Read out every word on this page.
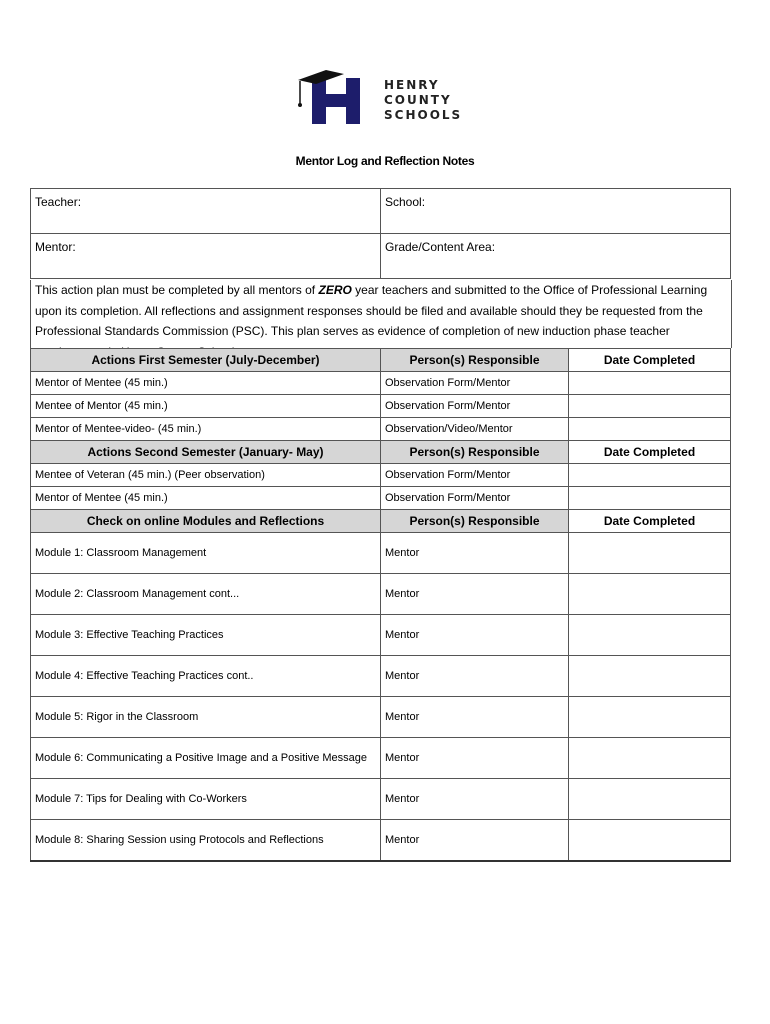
HENRY
COUNTY
SCHOOLS
Mentor Log and Reflection Notes
Teacher:	School:
Mentor:	Grade/Content Area:
This action plan must be completed by all mentors of ZERO year teachers and submitted to the Office of Professional Learning upon its completion. All reflections and assignment responses should be filed and available should they be requested from the Professional Standards Commission (PSC). This plan serves as evidence of completion of new induction phase teacher
Actions First Semester (July-December)	Person(s) Responsible	Date Completed
Mentor of Mentee (45 min.)	Observation Form/Mentor	
Mentee of Mentor (45 min.)	Observation Form/Mentor	
Mentor of Mentee-video- (45 min.)	Observation/Video/Mentor	
Actions Second Semester (January- May)	Person(s) Responsible	Date Completed
Mentee of Veteran (45 min.) (Peer observation)	Observation Form/Mentor	
Mentor of Mentee (45 min.)	Observation Form/Mentor	
Check on online Modules and Reflections	Person(s) Responsible	Date Completed
Module 1: Classroom Management	Mentor	
Module 2: Classroom Management cont...	Mentor	
Module 3: Effective Teaching Practices	Mentor	
Module 4: Effective Teaching Practices cont..	Mentor	
Module 5: Rigor in the Classroom	Mentor	
Module 6: Communicating a Positive Image and a Positive Message	Mentor	
Module 7: Tips for Dealing with Co-Workers	Mentor	
Module 8: Sharing Session using Protocols and Reflections	Mentor	
